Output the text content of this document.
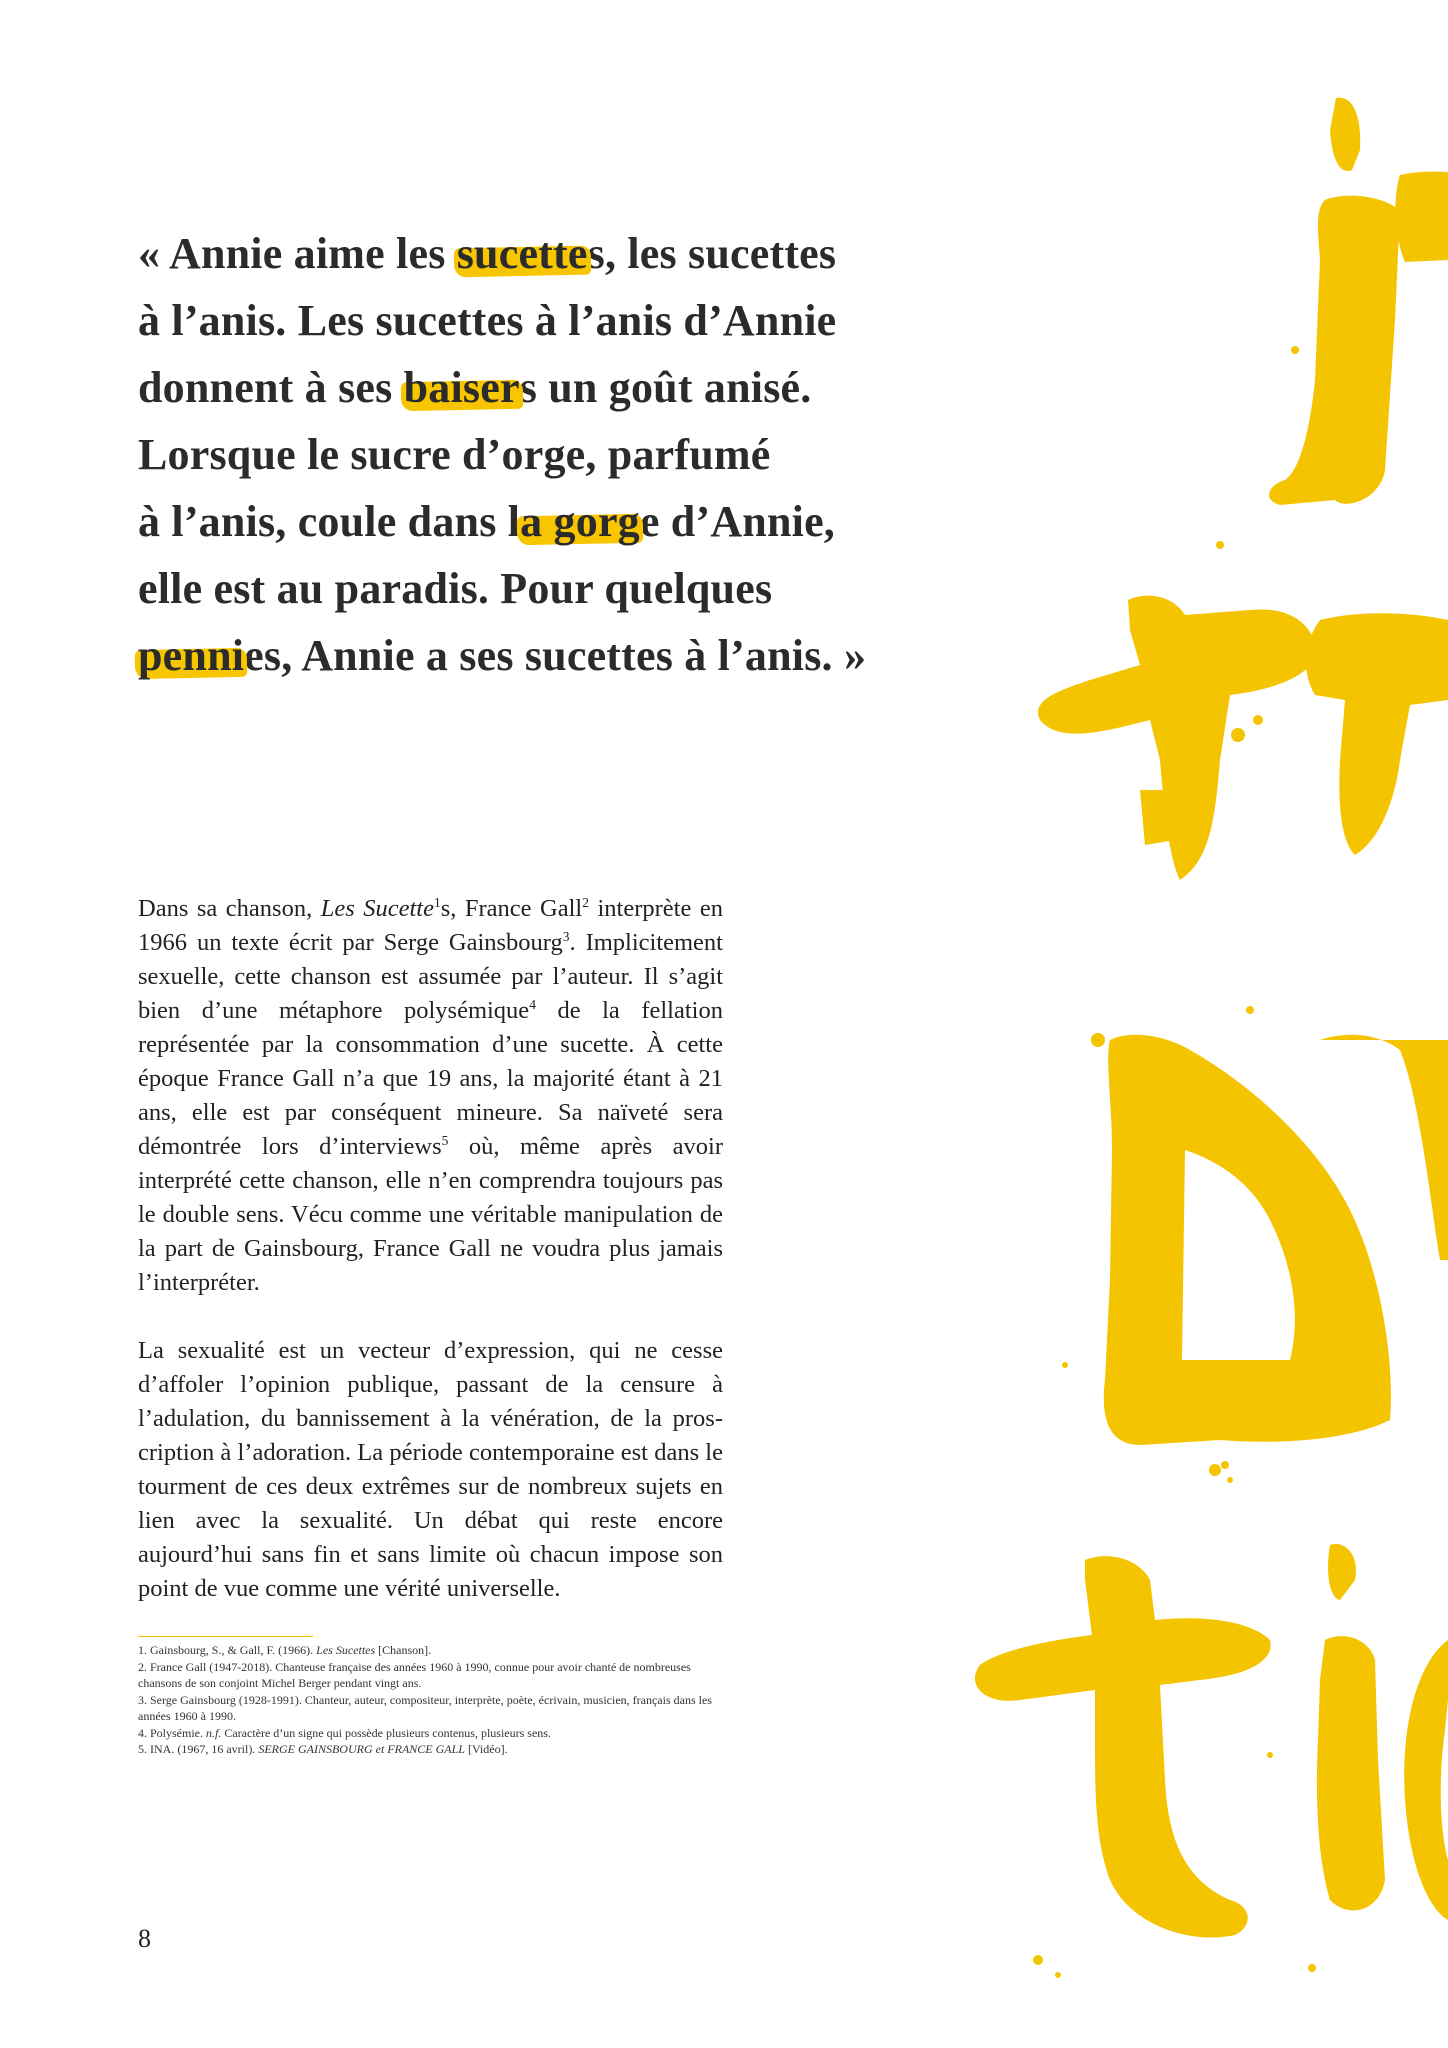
« Annie aime les sucettes, les sucettes
à l’anis. Les sucettes à l’anis d’Annie
donnent à ses baisers un goût anisé.
Lorsque le sucre d’orge, parfumé
à l’anis, coule dans la gorge d’Annie,
elle est au paradis. Pour quelques
pennies, Annie a ses sucettes à l’anis. »

Dans sa chanson, Les Sucette$^1$s, France Gall$^2$ interprète en 1966 un texte écrit par Serge Gainsbourg$^3$. Implicitement sexuelle, cette chanson est assumée par l’auteur. Il s’agit bien d’une métaphore polysémique$^4$ de la fellation représentée par la consommation d’une sucette. À cette époque France Gall n’a que 19 ans, la majorité étant à 21 ans, elle est par conséquent mineure. Sa naïveté sera démontrée lors d’interviews$^5$ où, même après avoir interprété cette chanson, elle n’en comprendra toujours pas le double sens. Vécu comme une véritable manipulation de la part de Gainsbourg, France Gall ne voudra plus jamais l’interpréter.

La sexualité est un vecteur d’expression, qui ne cesse d’affoler l’opinion publique, passant de la censure à l’adulation, du bannissement à la vénération, de la proscription à l’adoration. La période contemporaine est dans le tourment de ces deux extrêmes sur de nombreux sujets en lien avec la sexualité. Un débat qui reste encore aujourd’hui sans fin et sans limite où chacun impose son point de vue comme une vérité universelle.

1. Gainsbourg, S., & Gall, F. (1966). Les Sucettes [Chanson].
2. France Gall (1947-2018). Chanteuse française des années 1960 à 1990, connue pour avoir chanté de nombreuses chansons de son conjoint Michel Berger pendant vingt ans.
3. Serge Gainsbourg (1928-1991). Chanteur, auteur, compositeur, interprète, poète, écrivain, musicien, français dans les années 1960 à 1990.
4. Polysémie. n.f. Caractère d’un signe qui possède plusieurs contenus, plusieurs sens.
5. INA. (1967, 16 avril). SERGE GAINSBOURG et FRANCE GALL [Vidéo].
8
